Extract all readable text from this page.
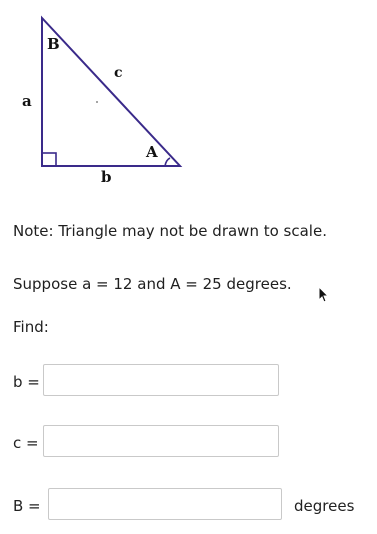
B
c
a
A
b
Note: Triangle may not be drawn to scale.
Suppose a = 12 and A = 25 degrees.
Find:
b =
c =
B =	degrees
